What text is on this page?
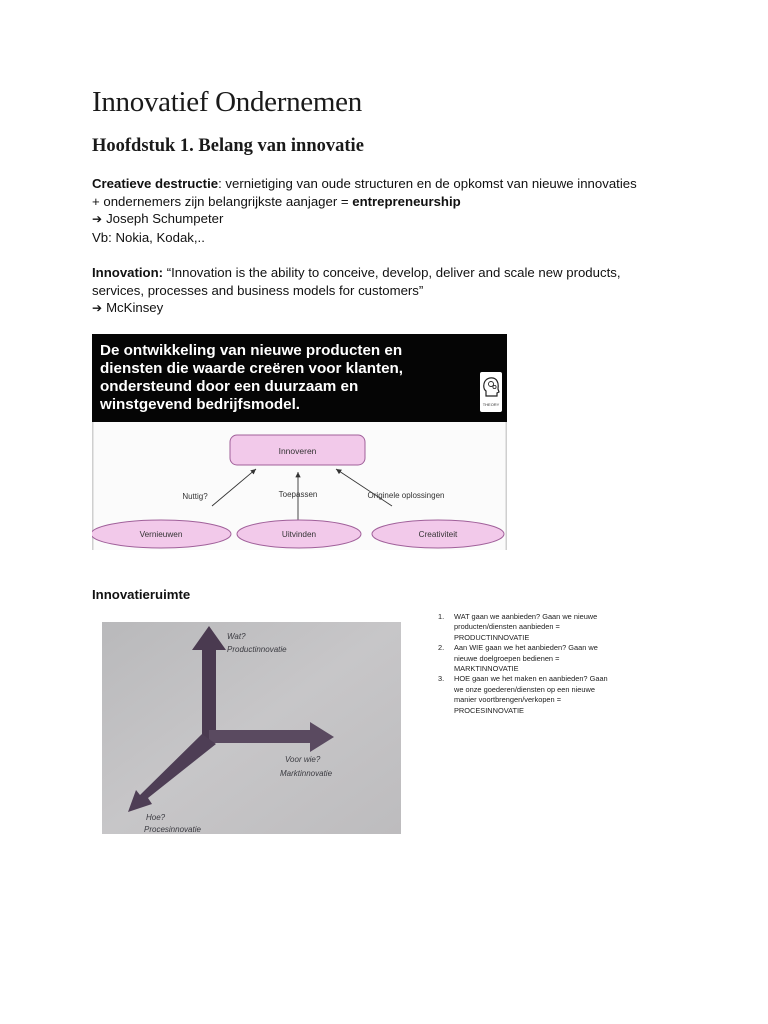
Innovatief Ondernemen
Hoofdstuk 1. Belang van innovatie
Creatieve destructie: vernietiging van oude structuren en de opkomst van nieuwe innovaties
+ ondernemers zijn belangrijkste aanjager = entrepreneurship
➔ Joseph Schumpeter
Vb: Nokia, Kodak,..
Innovation: “Innovation is the ability to conceive, develop, deliver and scale new products,
services, processes and business models for customers”
➔ McKinsey
De ontwikkeling van nieuwe producten en
diensten die waarde creëren voor klanten,
ondersteund door een duurzaam en
winstgevend bedrijfsmodel.	THEORY
Innoveren
Nuttig?	Toepassen	Originele oplossingen
Vernieuwen	Uitvinden	Creativiteit
Innovatieruimte
Wat?
Productinnovatie
Voor wie?
Marktinnovatie
Hoe?
Procesinnovatie
1. WAT gaan we aanbieden? Gaan we nieuwe
producten/diensten aanbieden =
PRODUCTINNOVATIE
2. Aan WIE gaan we het aanbieden? Gaan we
nieuwe doelgroepen bedienen =
MARKTINNOVATIE
3. HOE gaan we het maken en aanbieden? Gaan
we onze goederen/diensten op een nieuwe
manier voortbrengen/verkopen =
PROCESINNOVATIE
